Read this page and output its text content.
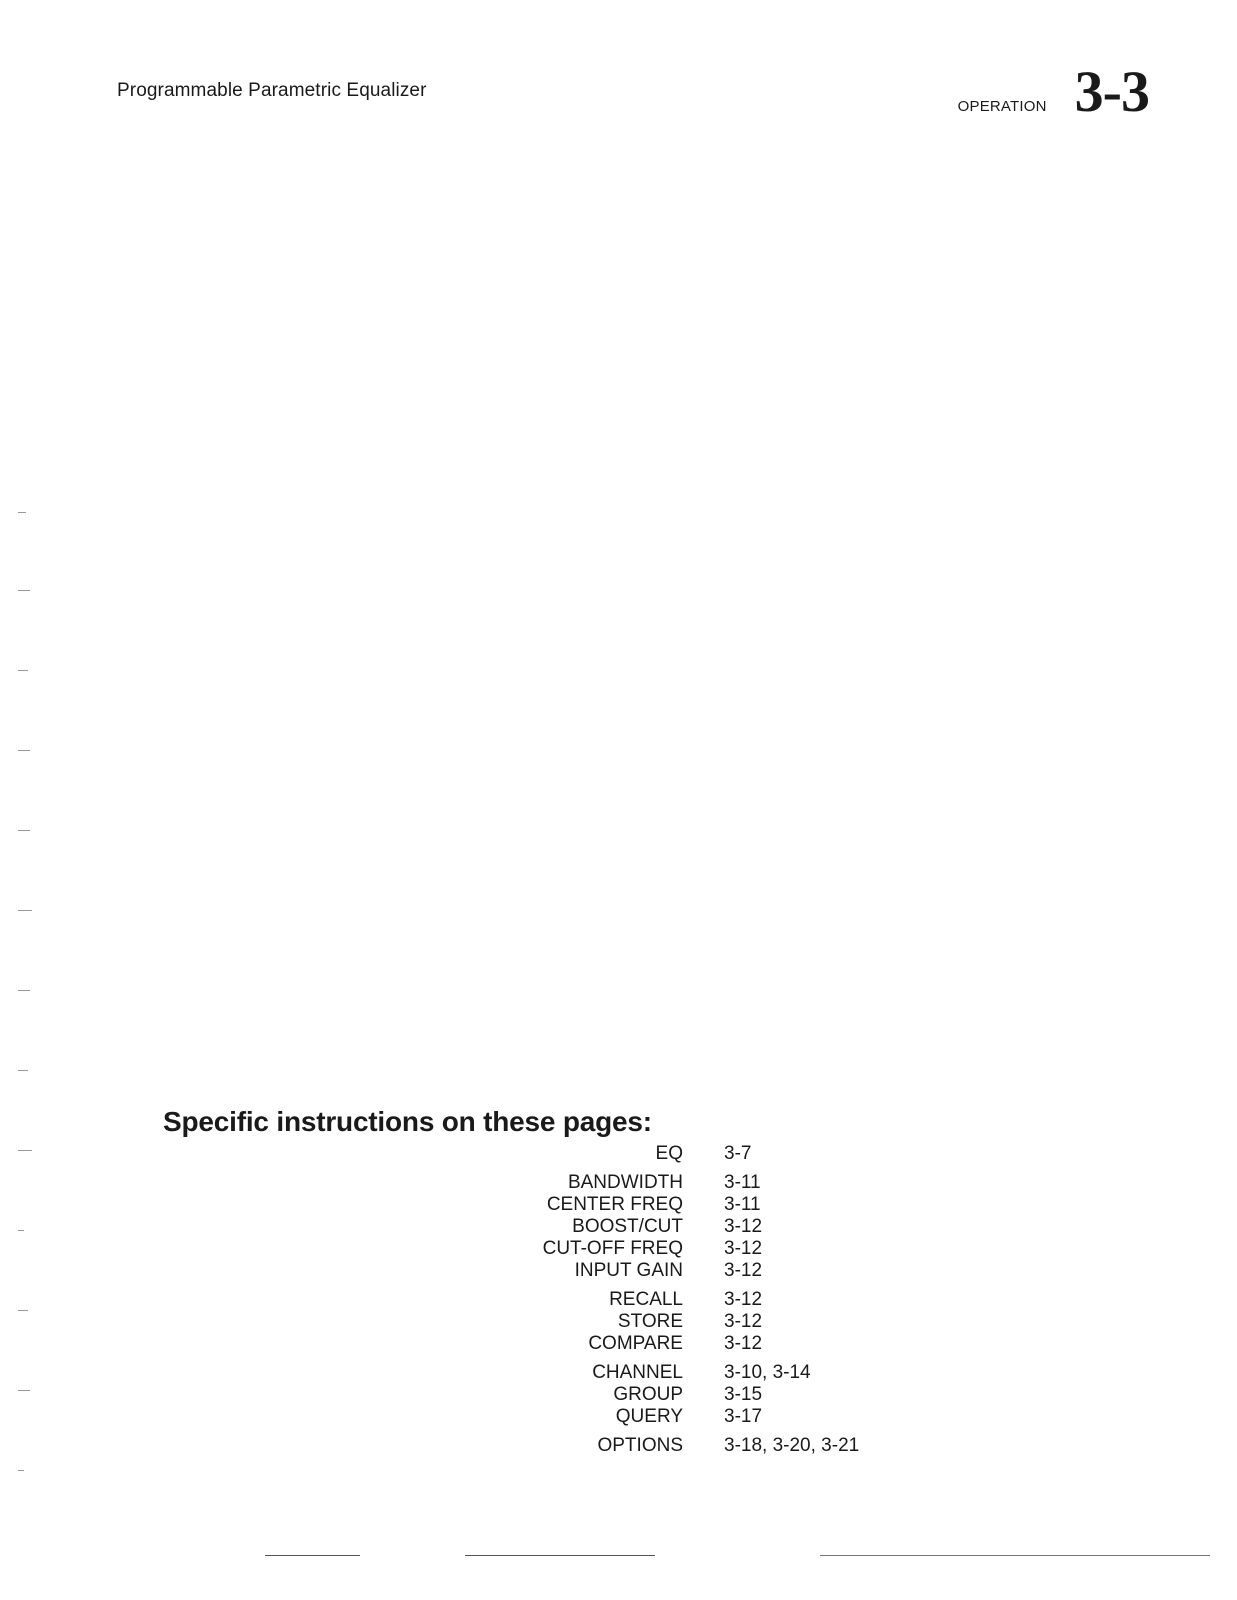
Programmable Parametric Equalizer
OPERATION 3-3
Specific instructions on these pages:
EQ 3-7
BANDWIDTH 3-11
CENTER FREQ 3-11
BOOST/CUT 3-12
CUT-OFF FREQ 3-12
INPUT GAIN 3-12
RECALL 3-12
STORE 3-12
COMPARE 3-12
CHANNEL 3-10, 3-14
GROUP 3-15
QUERY 3-17
OPTIONS 3-18, 3-20, 3-21
